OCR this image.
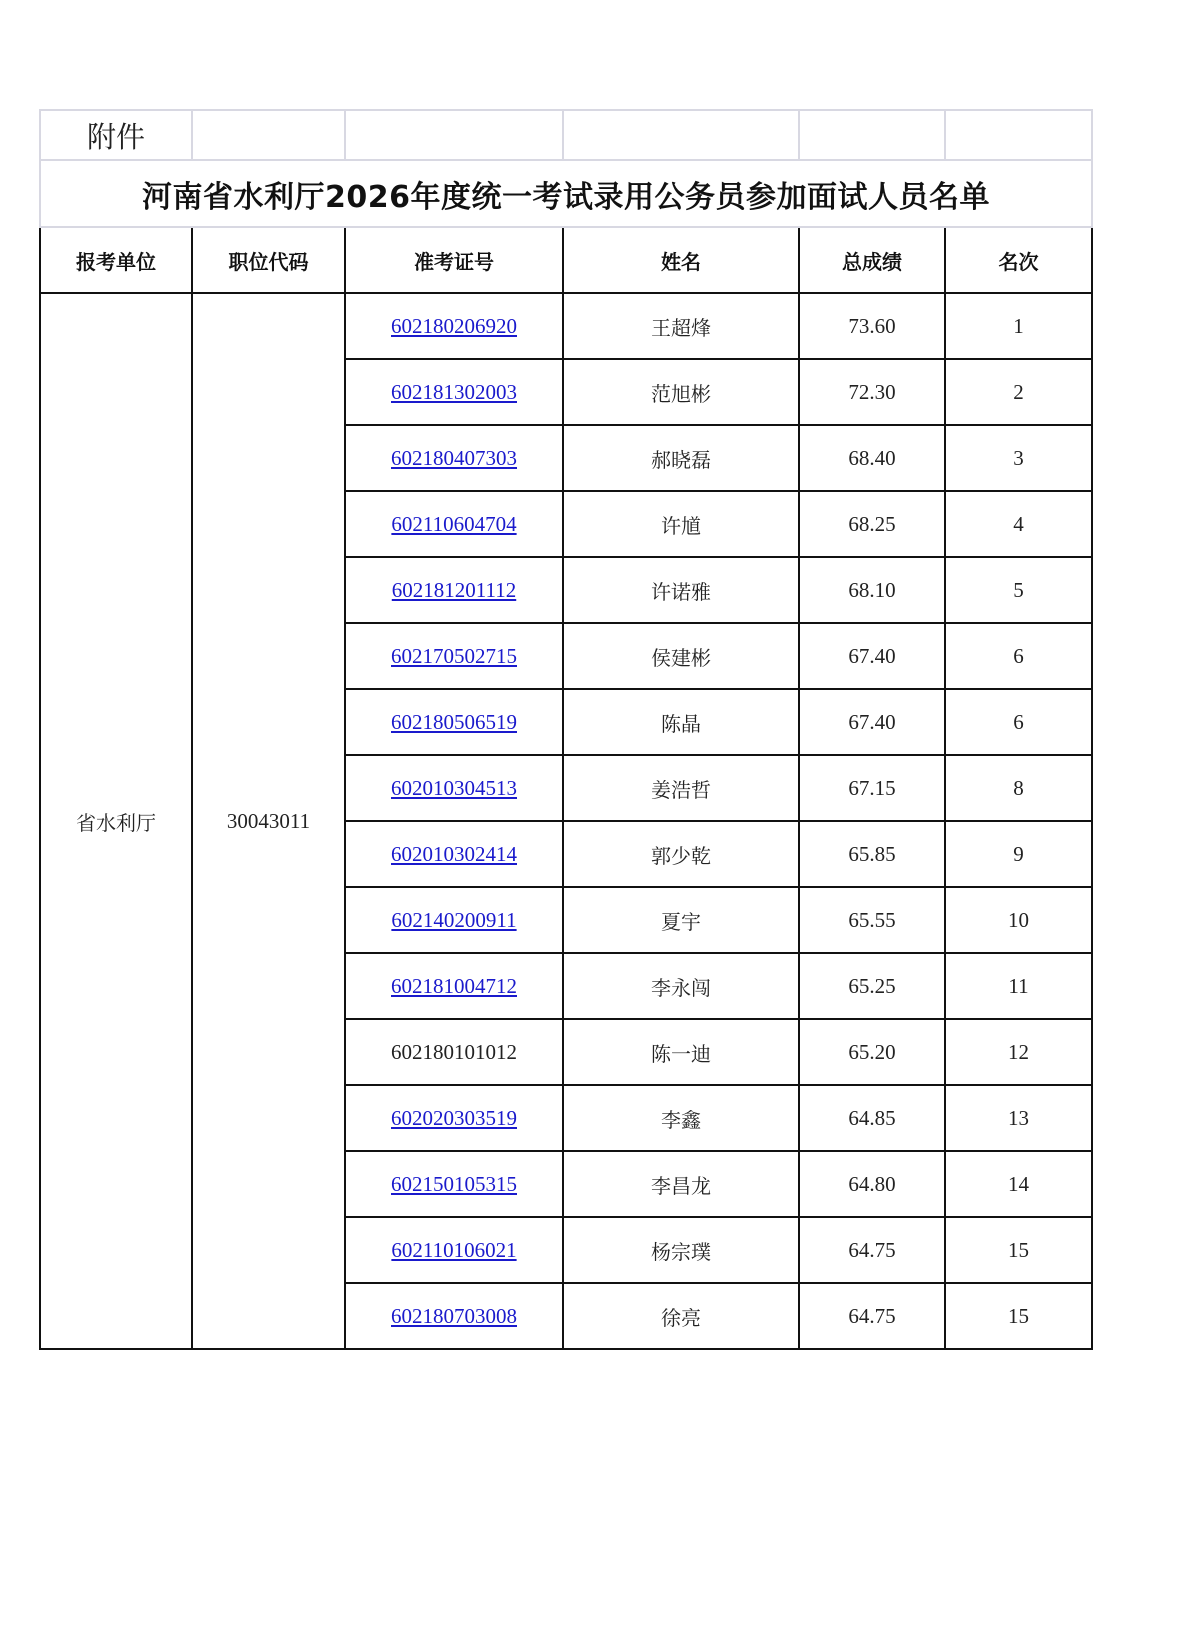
附件					
河南省水利厅2026年度统一考试录用公务员参加面试人员名单					
报考单位	职位代码	准考证号	姓名	总成绩	名次
省水利厅	30043011	602180206920	王超烽	73.60	1
		602181302003	范旭彬	72.30	2
		602180407303	郝晓磊	68.40	3
		602110604704	许馗	68.25	4
		602181201112	许诺雅	68.10	5
		602170502715	侯建彬	67.40	6
		602180506519	陈晶	67.40	6
		602010304513	姜浩哲	67.15	8
		602010302414	郭少乾	65.85	9
		602140200911	夏宇	65.55	10
		602181004712	李永闯	65.25	11
		602180101012	陈一迪	65.20	12
		602020303519	李鑫	64.85	13
		602150105315	李昌龙	64.80	14
		602110106021	杨宗璞	64.75	15
		602180703008	徐亮	64.75	15
